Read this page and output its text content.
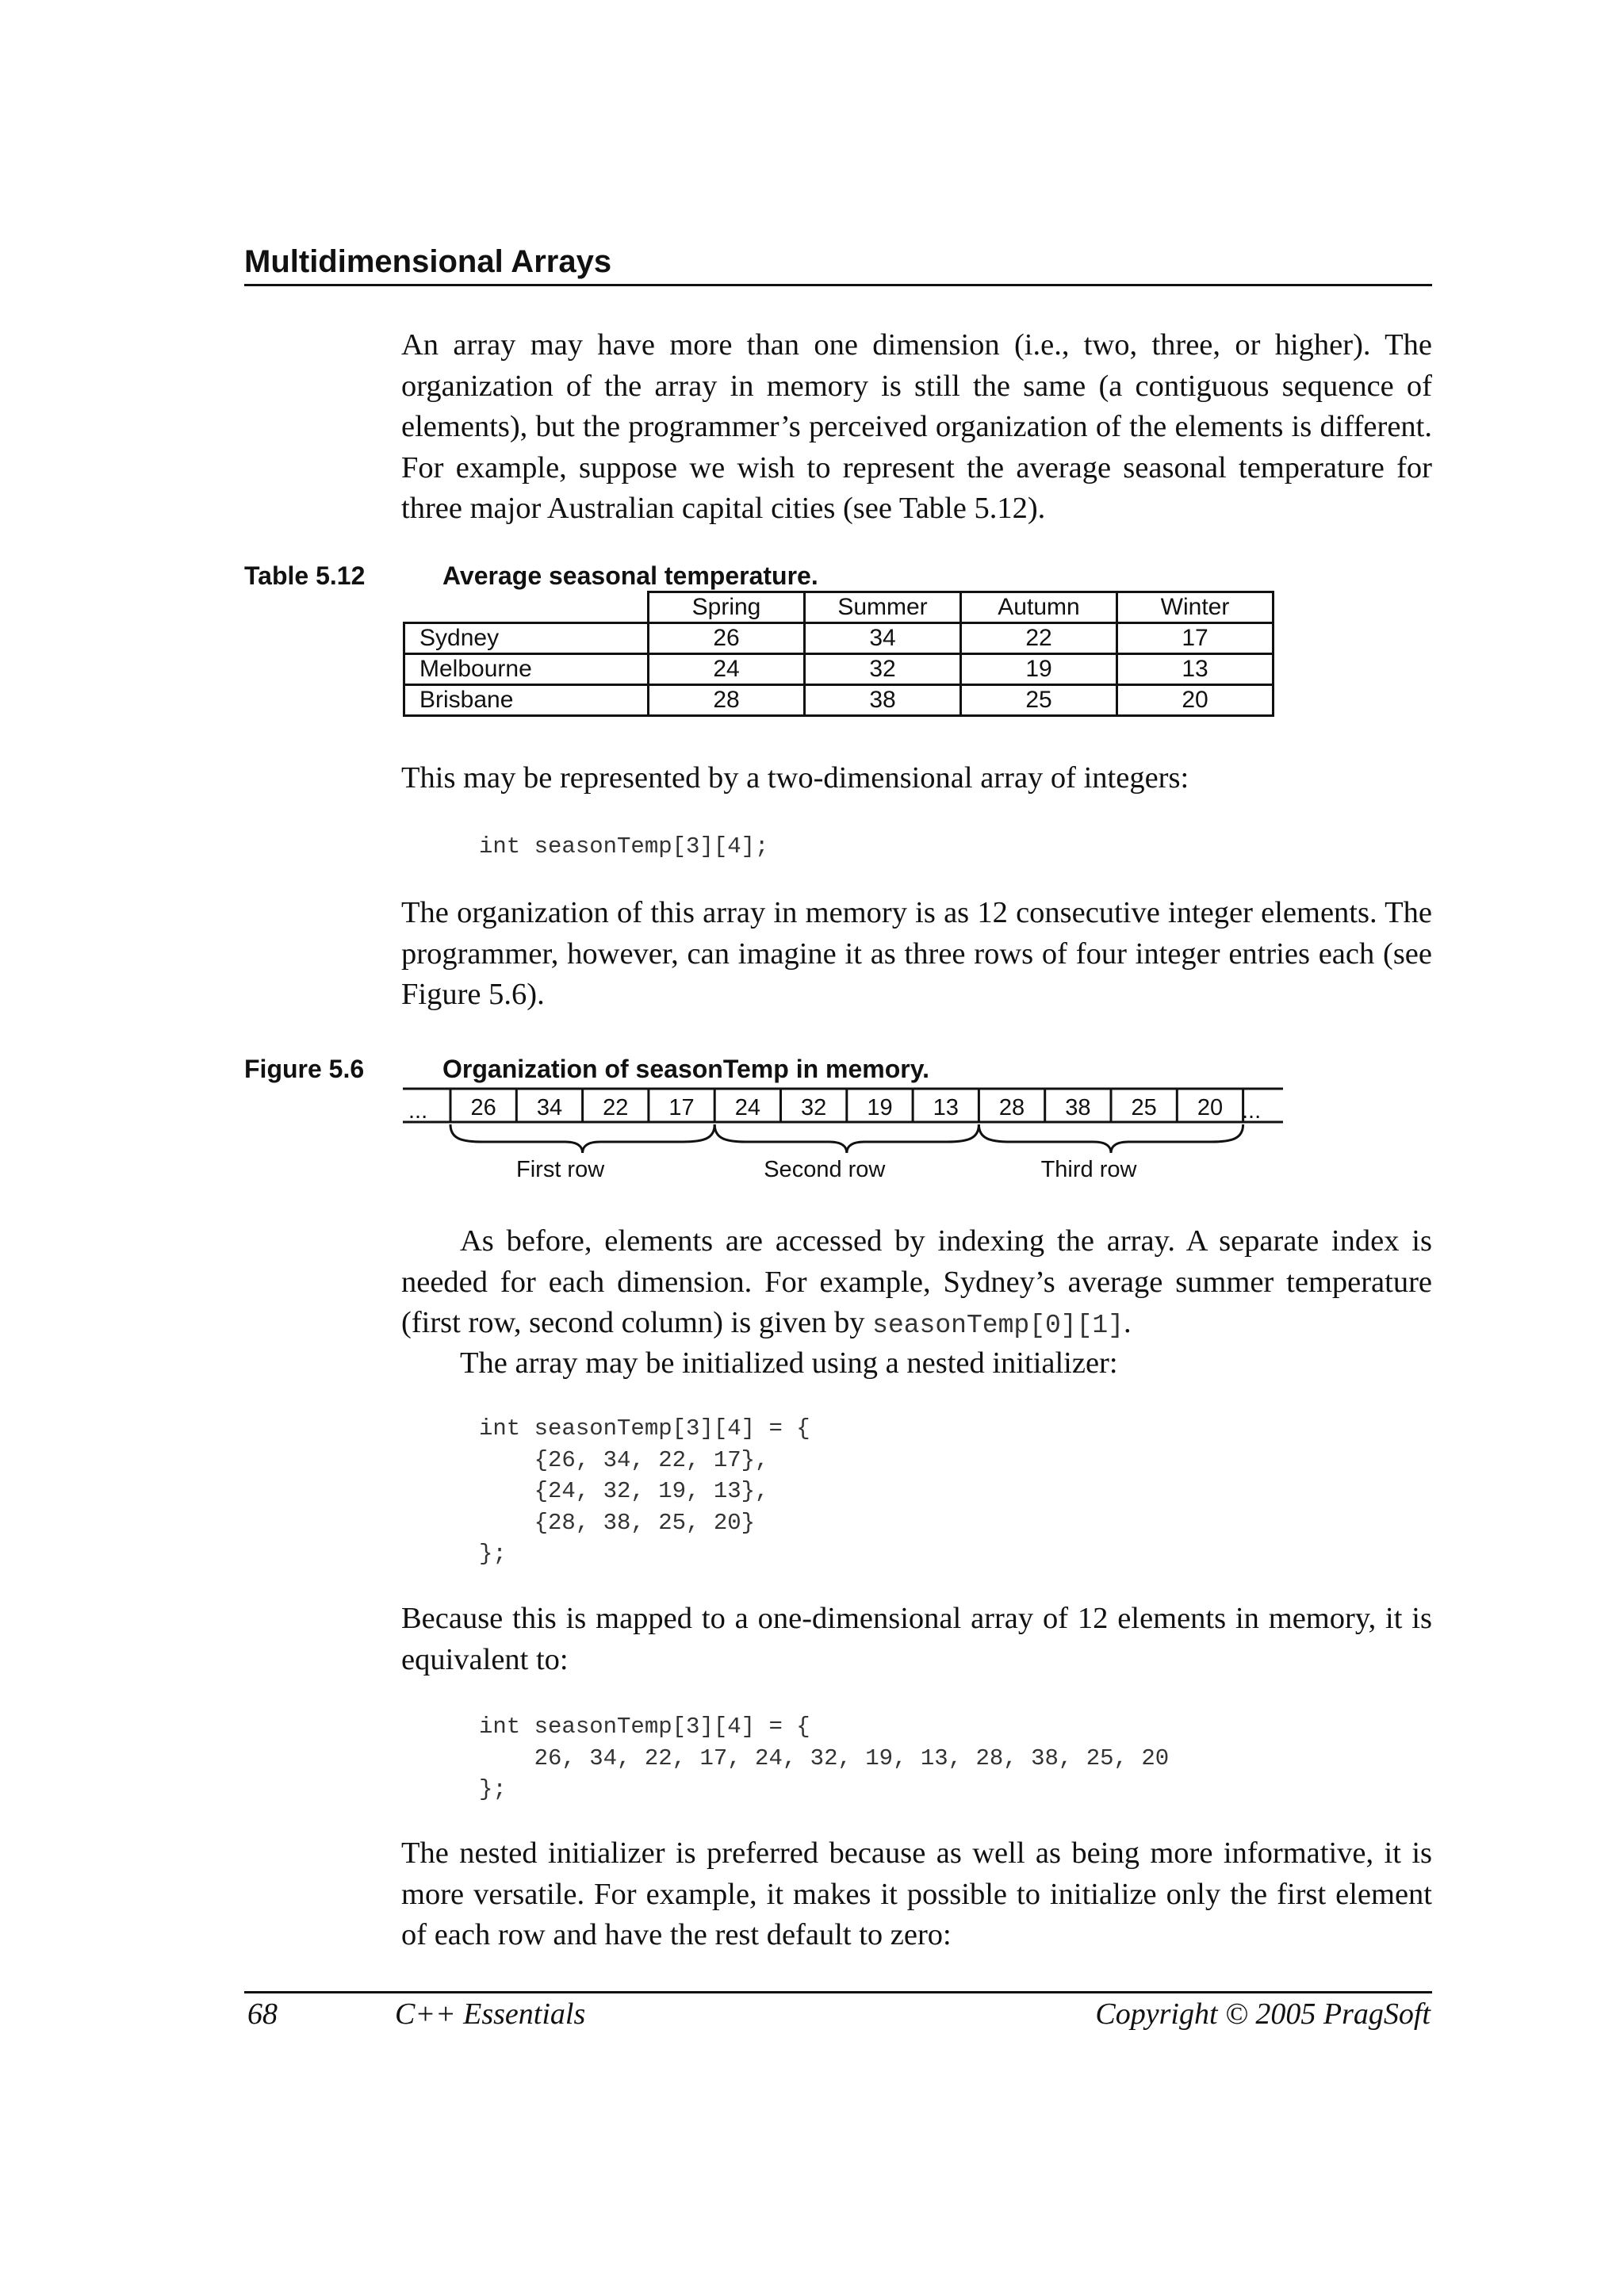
Multidimensional Arrays

An array may have more than one dimension (i.e., two, three, or higher). The organization of the array in memory is still the same (a contiguous sequence of elements), but the programmer’s perceived organization of the elements is different. For example, suppose we wish to represent the average seasonal temperature for three major Australian capital cities (see Table 5.12).

Table 5.12	Average seasonal temperature.
	Spring	Summer	Autumn	Winter
Sydney	26	34	22	17
Melbourne	24	32	19	13
Brisbane	28	38	25	20

This may be represented by a two-dimensional array of integers:

int seasonTemp[3][4];

The organization of this array in memory is as 12 consecutive integer elements. The programmer, however, can imagine it as three rows of four integer entries each (see Figure 5.6).

Figure 5.6	Organization of seasonTemp in memory.
26 34 22 17 24 32 19 13 28 38 25 20
...	...
First row	Second row	Third row

As before, elements are accessed by indexing the array. A separate index is needed for each dimension. For example, Sydney’s average summer temperature (first row, second column) is given by seasonTemp[0][1].

The array may be initialized using a nested initializer:

int seasonTemp[3][4] = {
{26, 34, 22, 17},
{24, 32, 19, 13},
{28, 38, 25, 20}
};

Because this is mapped to a one-dimensional array of 12 elements in memory, it is equivalent to:

int seasonTemp[3][4] = {
26, 34, 22, 17, 24, 32, 19, 13, 28, 38, 25, 20
};

The nested initializer is preferred because as well as being more informative, it is more versatile. For example, it makes it possible to initialize only the first element of each row and have the rest default to zero:

68	C++ Essentials	Copyright © 2005 PragSoft
